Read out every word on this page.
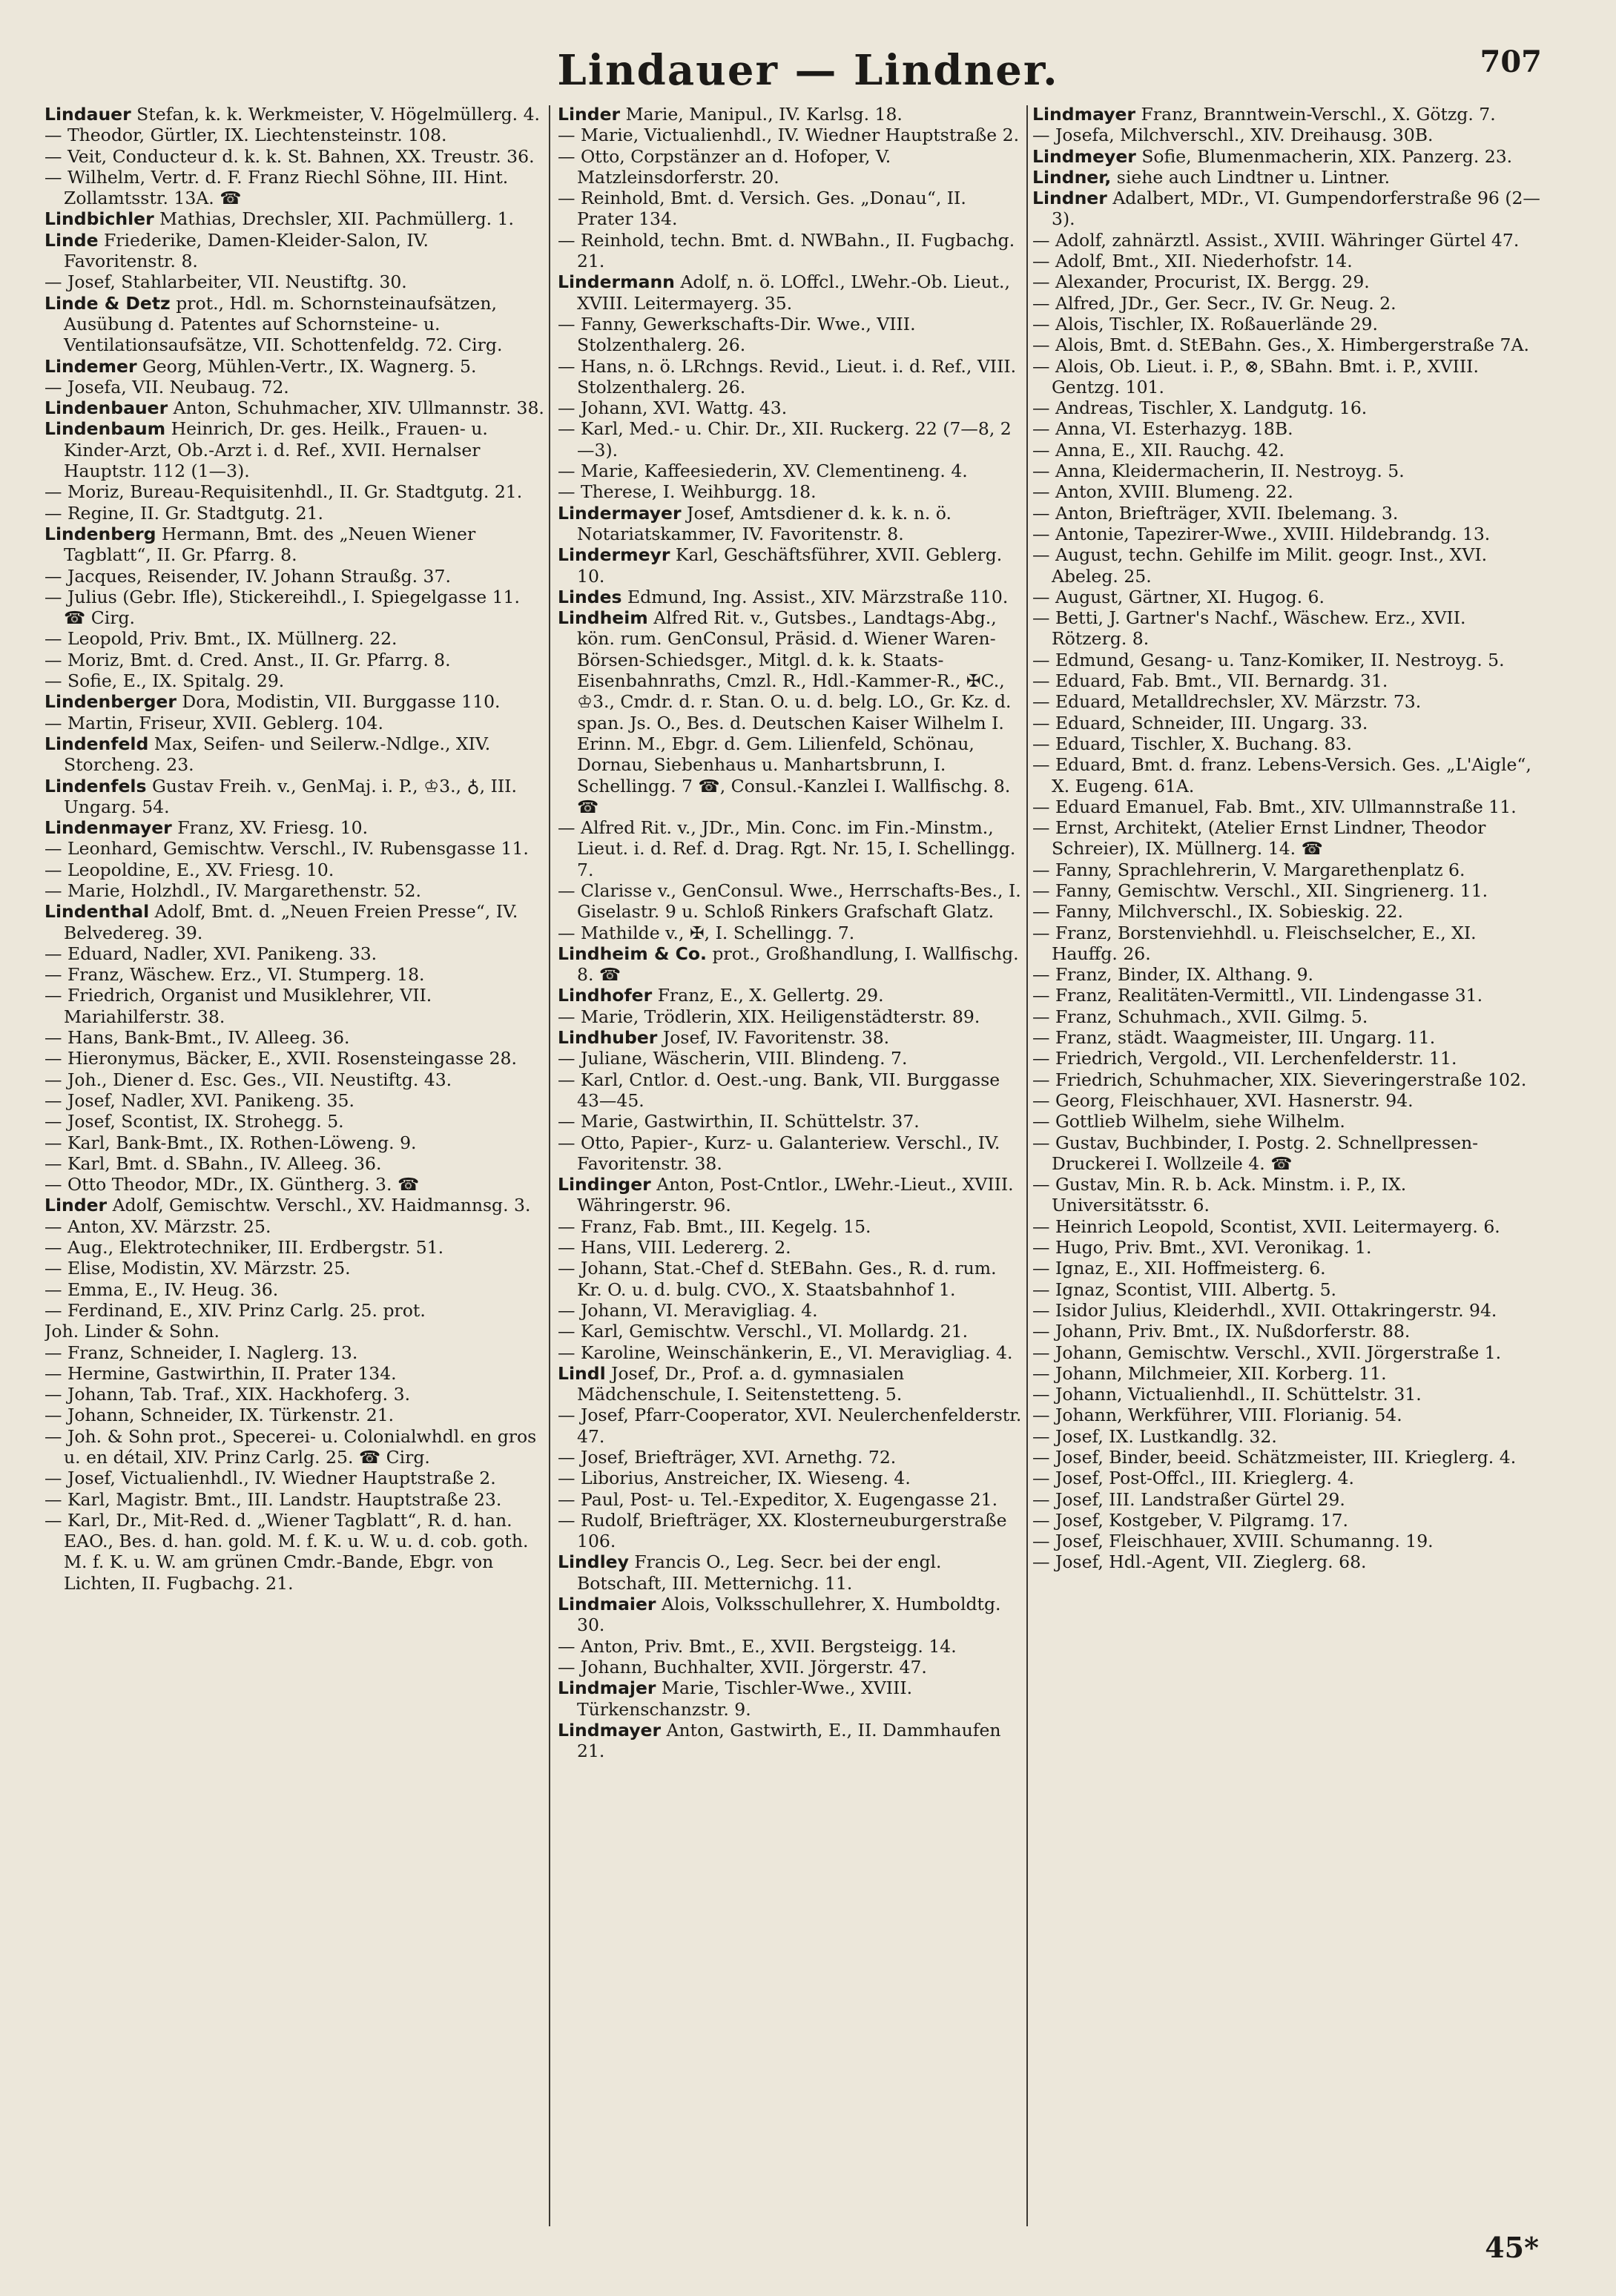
Lindauer — Lindner.	707
Lindauer Stefan, k. k. Werkmeister, V. Högelmüllerg. 4.
— Theodor, Gürtler, IX. Liechtensteinstr. 108.
— Veit, Conducteur d. k. k. St. Bahnen, XX. Treustr. 36.
— Wilhelm, Vertr. d. F. Franz Riechl Söhne, III. Hint. Zollamtsstr. 13A. ☎
Lindbichler Mathias, Drechsler, XII. Pachmüllerg. 1.
Linde Friederike, Damen-Kleider-Salon, IV. Favoritenstr. 8.
— Josef, Stahlarbeiter, VII. Neustiftg. 30.
Linde & Detz prot., Hdl. m. Schornsteinaufsätzen, Ausübung d. Patentes auf Schornsteine- u. Ventilationsaufsätze, VII. Schottenfeldg. 72. Cirg.
Lindemer Georg, Mühlen-Vertr., IX. Wagnerg. 5.
— Josefa, VII. Neubaug. 72.
Lindenbauer Anton, Schuhmacher, XIV. Ullmannstr. 38.
Lindenbaum Heinrich, Dr. ges. Heilk., Frauen- u. Kinder-Arzt, Ob.-Arzt i. d. Ref., XVII. Hernalser Hauptstr. 112 (1—3).
— Moriz, Bureau-Requisitenhdl., II. Gr. Stadtgutg. 21.
— Regine, II. Gr. Stadtgutg. 21.
Lindenberg Hermann, Bmt. des „Neuen Wiener Tagblatt“, II. Gr. Pfarrg. 8.
— Jacques, Reisender, IV. Johann Straußg. 37.
— Julius (Gebr. Ifle), Stickereihdl., I. Spiegelgasse 11. ☎ Cirg.
— Leopold, Priv. Bmt., IX. Müllnerg. 22.
— Moriz, Bmt. d. Cred. Anst., II. Gr. Pfarrg. 8.
— Sofie, E., IX. Spitalg. 29.
Lindenberger Dora, Modistin, VII. Burggasse 110.
— Martin, Friseur, XVII. Geblerg. 104.
Lindenfeld Max, Seifen- und Seilerw.-Ndlge., XIV. Storcheng. 23.
Lindenfels Gustav Freih. v., GenMaj. i. P., ♔3., ♁, III. Ungarg. 54.
Lindenmayer Franz, XV. Friesg. 10.
— Leonhard, Gemischtw. Verschl., IV. Rubensgasse 11.
— Leopoldine, E., XV. Friesg. 10.
— Marie, Holzhdl., IV. Margarethenstr. 52.
Lindenthal Adolf, Bmt. d. „Neuen Freien Presse“, IV. Belvedereg. 39.
— Eduard, Nadler, XVI. Panikeng. 33.
— Franz, Wäschew. Erz., VI. Stumperg. 18.
— Friedrich, Organist und Musiklehrer, VII. Mariahilferstr. 38.
— Hans, Bank-Bmt., IV. Alleeg. 36.
— Hieronymus, Bäcker, E., XVII. Rosensteingasse 28.
— Joh., Diener d. Esc. Ges., VII. Neustiftg. 43.
— Josef, Nadler, XVI. Panikeng. 35.
— Josef, Scontist, IX. Strohegg. 5.
— Karl, Bank-Bmt., IX. Rothen-Löweng. 9.
— Karl, Bmt. d. SBahn., IV. Alleeg. 36.
— Otto Theodor, MDr., IX. Güntherg. 3. ☎
Linder Adolf, Gemischtw. Verschl., XV. Haidmannsg. 3.
— Anton, XV. Märzstr. 25.
— Aug., Elektrotechniker, III. Erdbergstr. 51.
— Elise, Modistin, XV. Märzstr. 25.
— Emma, E., IV. Heug. 36.
— Ferdinand, E., XIV. Prinz Carlg. 25. prot.
Joh. Linder & Sohn.
— Franz, Schneider, I. Naglerg. 13.
— Hermine, Gastwirthin, II. Prater 134.
— Johann, Tab. Traf., XIX. Hackhoferg. 3.
— Johann, Schneider, IX. Türkenstr. 21.
— Joh. & Sohn prot., Specerei- u. Colonialwhdl. en gros u. en détail, XIV. Prinz Carlg. 25. ☎ Cirg.
— Josef, Victualienhdl., IV. Wiedner Hauptstraße 2.
— Karl, Magistr. Bmt., III. Landstr. Hauptstraße 23.
— Karl, Dr., Mit-Red. d. „Wiener Tagblatt“, R. d. han. EAO., Bes. d. han. gold. M. f. K. u. W. u. d. cob. goth. M. f. K. u. W. am grünen Cmdr.-Bande, Ebgr. von Lichten, II. Fugbachg. 21.
Linder Marie, Manipul., IV. Karlsg. 18.
— Marie, Victualienhdl., IV. Wiedner Hauptstraße 2.
— Otto, Corpstänzer an d. Hofoper, V. Matzleinsdorferstr. 20.
— Reinhold, Bmt. d. Versich. Ges. „Donau“, II. Prater 134.
— Reinhold, techn. Bmt. d. NWBahn., II. Fugbachg. 21.
Lindermann Adolf, n. ö. LOffcl., LWehr.-Ob. Lieut., XVIII. Leitermayerg. 35.
— Fanny, Gewerkschafts-Dir. Wwe., VIII. Stolzenthalerg. 26.
— Hans, n. ö. LRchngs. Revid., Lieut. i. d. Ref., VIII. Stolzenthalerg. 26.
— Johann, XVI. Wattg. 43.
— Karl, Med.- u. Chir. Dr., XII. Ruckerg. 22 (7—8, 2—3).
— Marie, Kaffeesiederin, XV. Clementineng. 4.
— Therese, I. Weihburgg. 18.
Lindermayer Josef, Amtsdiener d. k. k. n. ö. Notariatskammer, IV. Favoritenstr. 8.
Lindermeyr Karl, Geschäftsführer, XVII. Geblerg. 10.
Lindes Edmund, Ing. Assist., XIV. Märzstraße 110.
Lindheim Alfred Rit. v., Gutsbes., Landtags-Abg., kön. rum. GenConsul, Präsid. d. Wiener Waren-Börsen-Schiedsger., Mitgl. d. k. k. Staats-Eisenbahnraths, Cmzl. R., Hdl.-Kammer-R., ✠C., ♔3., Cmdr. d. r. Stan. O. u. d. belg. LO., Gr. Kz. d. span. Js. O., Bes. d. Deutschen Kaiser Wilhelm I. Erinn. M., Ebgr. d. Gem. Lilienfeld, Schönau, Dornau, Siebenhaus u. Manhartsbrunn, I. Schellingg. 7 ☎, Consul.-Kanzlei I. Wallfischg. 8. ☎
— Alfred Rit. v., JDr., Min. Conc. im Fin.-Minstm., Lieut. i. d. Ref. d. Drag. Rgt. Nr. 15, I. Schellingg. 7.
— Clarisse v., GenConsul. Wwe., Herrschafts-Bes., I. Giselastr. 9 u. Schloß Rinkers Grafschaft Glatz.
— Mathilde v., ✠, I. Schellingg. 7.
Lindheim & Co. prot., Großhandlung, I. Wallfischg. 8. ☎
Lindhofer Franz, E., X. Gellertg. 29.
— Marie, Trödlerin, XIX. Heiligenstädterstr. 89.
Lindhuber Josef, IV. Favoritenstr. 38.
— Juliane, Wäscherin, VIII. Blindeng. 7.
— Karl, Cntlor. d. Oest.-ung. Bank, VII. Burggasse 43—45.
— Marie, Gastwirthin, II. Schüttelstr. 37.
— Otto, Papier-, Kurz- u. Galanteriew. Verschl., IV. Favoritenstr. 38.
Lindinger Anton, Post-Cntlor., LWehr.-Lieut., XVIII. Währingerstr. 96.
— Franz, Fab. Bmt., III. Kegelg. 15.
— Hans, VIII. Ledererg. 2.
— Johann, Stat.-Chef d. StEBahn. Ges., R. d. rum. Kr. O. u. d. bulg. CVO., X. Staatsbahnhof 1.
— Johann, VI. Meravigliag. 4.
— Karl, Gemischtw. Verschl., VI. Mollardg. 21.
— Karoline, Weinschänkerin, E., VI. Meravigliag. 4.
Lindl Josef, Dr., Prof. a. d. gymnasialen Mädchenschule, I. Seitenstetteng. 5.
— Josef, Pfarr-Cooperator, XVI. Neulerchenfelderstr. 47.
— Josef, Briefträger, XVI. Arnethg. 72.
— Liborius, Anstreicher, IX. Wieseng. 4.
— Paul, Post- u. Tel.-Expeditor, X. Eugengasse 21.
— Rudolf, Briefträger, XX. Klosterneuburgerstraße 106.
Lindley Francis O., Leg. Secr. bei der engl. Botschaft, III. Metternichg. 11.
Lindmaier Alois, Volksschullehrer, X. Humboldtg. 30.
— Anton, Priv. Bmt., E., XVII. Bergsteigg. 14.
— Johann, Buchhalter, XVII. Jörgerstr. 47.
Lindmajer Marie, Tischler-Wwe., XVIII. Türkenschanzstr. 9.
Lindmayer Anton, Gastwirth, E., II. Dammhaufen 21.
Lindmayer Franz, Branntwein-Verschl., X. Götzg. 7.
— Josefa, Milchverschl., XIV. Dreihausg. 30B.
Lindmeyer Sofie, Blumenmacherin, XIX. Panzerg. 23.
Lindner, siehe auch Lindtner u. Lintner.
Lindner Adalbert, MDr., VI. Gumpendorferstraße 96 (2—3).
— Adolf, zahnärztl. Assist., XVIII. Währinger Gürtel 47.
— Adolf, Bmt., XII. Niederhofstr. 14.
— Alexander, Procurist, IX. Bergg. 29.
— Alfred, JDr., Ger. Secr., IV. Gr. Neug. 2.
— Alois, Tischler, IX. Roßauerlände 29.
— Alois, Bmt. d. StEBahn. Ges., X. Himbergerstraße 7A.
— Alois, Ob. Lieut. i. P., ⊗, SBahn. Bmt. i. P., XVIII. Gentzg. 101.
— Andreas, Tischler, X. Landgutg. 16.
— Anna, VI. Esterhazyg. 18B.
— Anna, E., XII. Rauchg. 42.
— Anna, Kleidermacherin, II. Nestroyg. 5.
— Anton, XVIII. Blumeng. 22.
— Anton, Briefträger, XVII. Ibelemang. 3.
— Antonie, Tapezirer-Wwe., XVIII. Hildebrandg. 13.
— August, techn. Gehilfe im Milit. geogr. Inst., XVI. Abeleg. 25.
— August, Gärtner, XI. Hugog. 6.
— Betti, J. Gartner's Nachf., Wäschew. Erz., XVII. Rötzerg. 8.
— Edmund, Gesang- u. Tanz-Komiker, II. Nestroyg. 5.
— Eduard, Fab. Bmt., VII. Bernardg. 31.
— Eduard, Metalldrechsler, XV. Märzstr. 73.
— Eduard, Schneider, III. Ungarg. 33.
— Eduard, Tischler, X. Buchang. 83.
— Eduard, Bmt. d. franz. Lebens-Versich. Ges. „L'Aigle“, X. Eugeng. 61A.
— Eduard Emanuel, Fab. Bmt., XIV. Ullmannstraße 11.
— Ernst, Architekt, (Atelier Ernst Lindner, Theodor Schreier), IX. Müllnerg. 14. ☎
— Fanny, Sprachlehrerin, V. Margarethenplatz 6.
— Fanny, Gemischtw. Verschl., XII. Singrienerg. 11.
— Fanny, Milchverschl., IX. Sobieskig. 22.
— Franz, Borstenviehhdl. u. Fleischselcher, E., XI. Hauffg. 26.
— Franz, Binder, IX. Althang. 9.
— Franz, Realitäten-Vermittl., VII. Lindengasse 31.
— Franz, Schuhmach., XVII. Gilmg. 5.
— Franz, städt. Waagmeister, III. Ungarg. 11.
— Friedrich, Vergold., VII. Lerchenfelderstr. 11.
— Friedrich, Schuhmacher, XIX. Sieveringerstraße 102.
— Georg, Fleischhauer, XVI. Hasnerstr. 94.
— Gottlieb Wilhelm, siehe Wilhelm.
— Gustav, Buchbinder, I. Postg. 2. Schnellpressen-Druckerei I. Wollzeile 4. ☎
— Gustav, Min. R. b. Ack. Minstm. i. P., IX. Universitätsstr. 6.
— Heinrich Leopold, Scontist, XVII. Leitermayerg. 6.
— Hugo, Priv. Bmt., XVI. Veronikag. 1.
— Ignaz, E., XII. Hoffmeisterg. 6.
— Ignaz, Scontist, VIII. Albertg. 5.
— Isidor Julius, Kleiderhdl., XVII. Ottakringerstr. 94.
— Johann, Priv. Bmt., IX. Nußdorferstr. 88.
— Johann, Gemischtw. Verschl., XVII. Jörgerstraße 1.
— Johann, Milchmeier, XII. Korberg. 11.
— Johann, Victualienhdl., II. Schüttelstr. 31.
— Johann, Werkführer, VIII. Florianig. 54.
— Josef, IX. Lustkandlg. 32.
— Josef, Binder, beeid. Schätzmeister, III. Krieglerg. 4.
— Josef, Post-Offcl., III. Krieglerg. 4.
— Josef, III. Landstraßer Gürtel 29.
— Josef, Kostgeber, V. Pilgramg. 17.
— Josef, Fleischhauer, XVIII. Schumanng. 19.
— Josef, Hdl.-Agent, VII. Zieglerg. 68.
45*
